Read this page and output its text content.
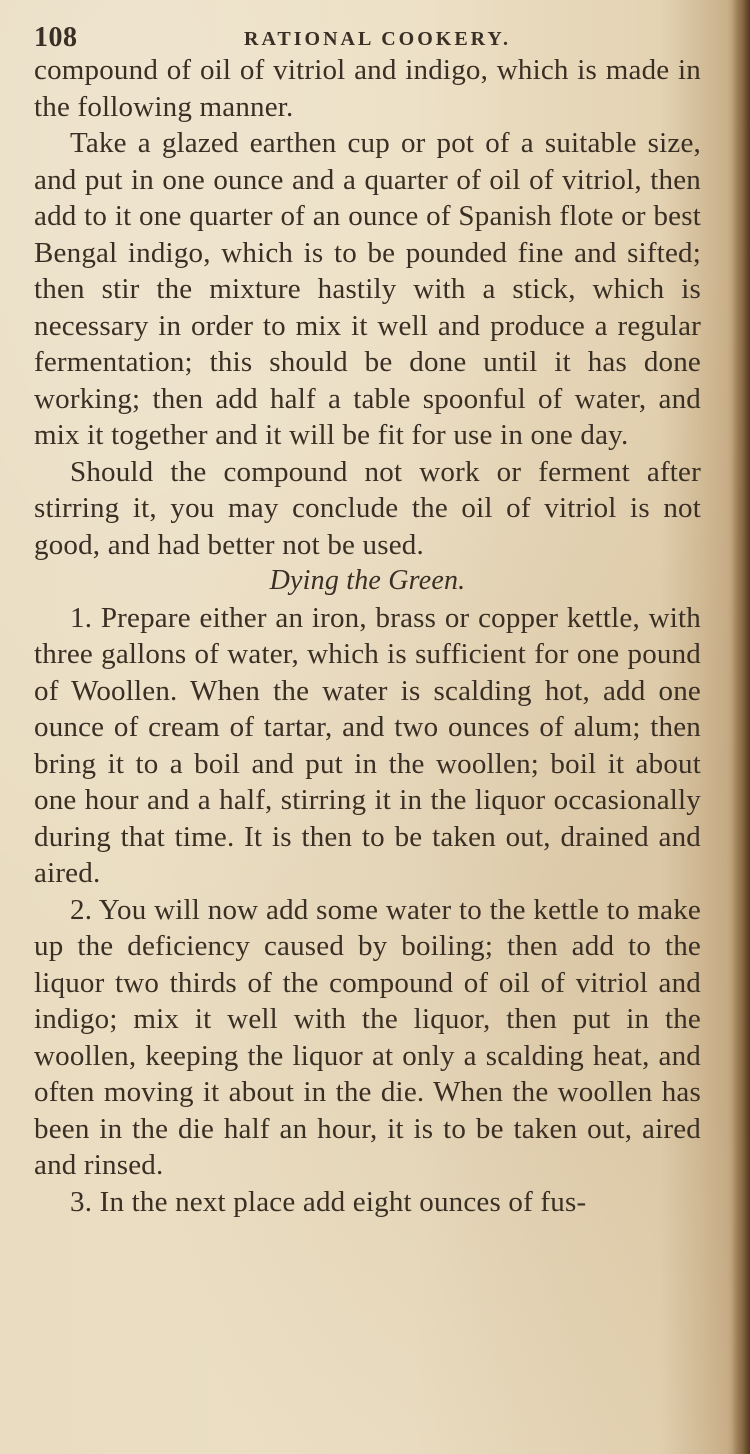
108	RATIONAL COOKERY.

compound of oil of vitriol and indigo, which is made in the following manner.

Take a glazed earthen cup or pot of a suitable size, and put in one ounce and a quarter of oil of vitriol, then add to it one quarter of an ounce of Spanish flote or best Bengal indigo, which is to be pounded fine and sifted; then stir the mixture hastily with a stick, which is necessary in order to mix it well and produce a regular fermentation; this should be done until it has done working; then add half a table spoonful of water, and mix it together and it will be fit for use in one day.

Should the compound not work or ferment after stirring it, you may conclude the oil of vitriol is not good, and had better not be used.

Dying the Green.

1. Prepare either an iron, brass or copper kettle, with three gallons of water, which is sufficient for one pound of Woollen. When the water is scalding hot, add one ounce of cream of tartar, and two ounces of alum; then bring it to a boil and put in the woollen; boil it about one hour and a half, stirring it in the liquor occasionally during that time. It is then to be taken out, drained and aired.

2. You will now add some water to the kettle to make up the deficiency caused by boiling; then add to the liquor two thirds of the compound of oil of vitriol and indigo; mix it well with the liquor, then put in the woollen, keeping the liquor at only a scalding heat, and often moving it about in the die. When the woollen has been in the die half an hour, it is to be taken out, aired and rinsed.

3. In the next place add eight ounces of fus-
